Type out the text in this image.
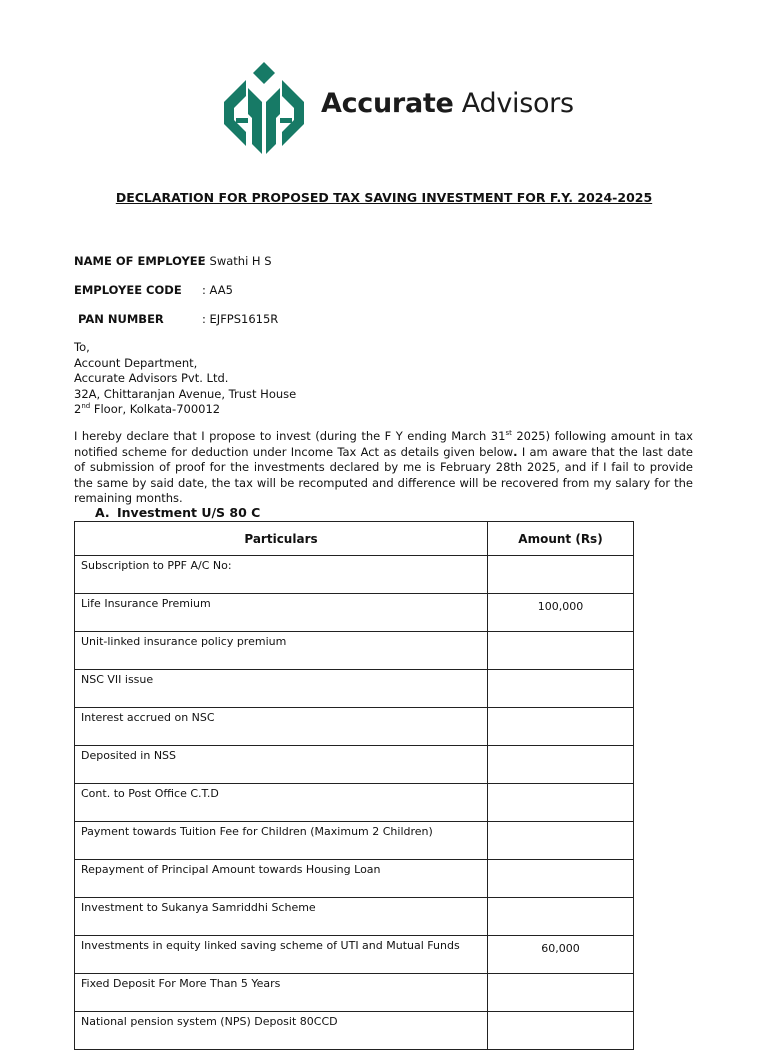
Accurate Advisors
DECLARATION FOR PROPOSED TAX SAVING INVESTMENT FOR F.Y. 2024-2025
NAME OF EMPLOYEE
: Swathi H S
EMPLOYEE CODE : AA5
PAN NUMBER	: EJFPS1615R
To,
Account Department,
Accurate Advisors Pvt. Ltd.
32A, Chittaranjan Avenue, Trust House
2nd Floor, Kolkata-700012
I hereby declare that I propose to invest (during the F Y ending March 31st 2025) following amount in tax notified scheme for deduction under Income Tax Act as details given below. I am aware that the last date of submission of proof for the investments declared by me is February 28th 2025, and if I fail to provide the same by said date, the tax will be recomputed and difference will be recovered from my salary for the remaining months.
A. Investment U/S 80 C
Particulars	Amount (Rs)
Subscription to PPF A/C No:	
Life Insurance Premium	100,000
Unit-linked insurance policy premium	
NSC VII issue	
Interest accrued on NSC	
Deposited in NSS	
Cont. to Post Office C.T.D	
Payment towards Tuition Fee for Children (Maximum 2 Children)	
Repayment of Principal Amount towards Housing Loan	
Investment to Sukanya Samriddhi Scheme	
Investments in equity linked saving scheme of UTI and Mutual Funds	60,000
Fixed Deposit For More Than 5 Years	
National pension system (NPS) Deposit 80CCD	
